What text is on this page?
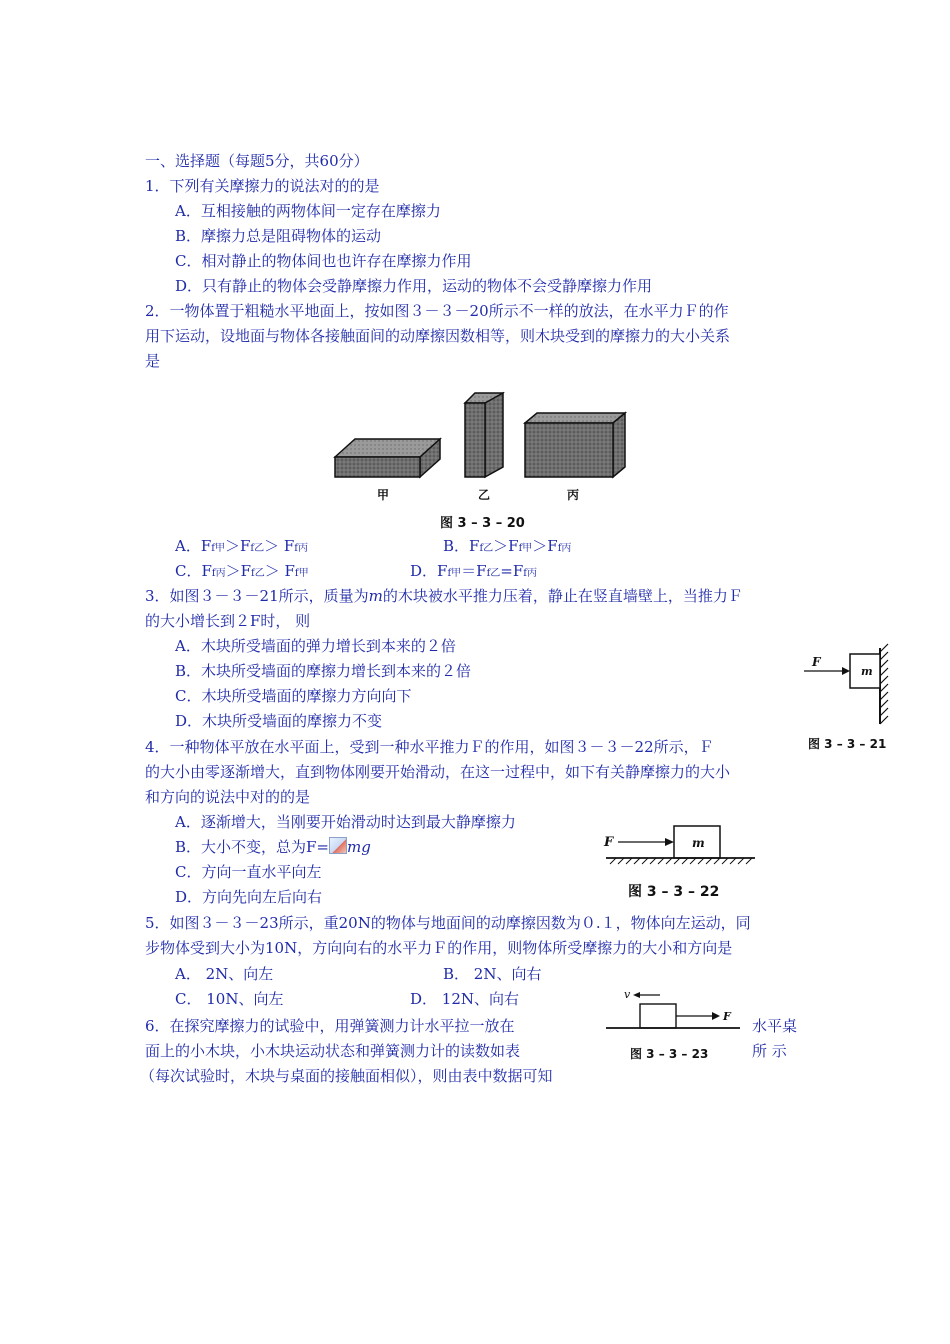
一、选择题（每题5分，共60分）
1．下列有关摩擦力的说法对的的是
A．互相接触的两物体间一定存在摩擦力
B．摩擦力总是阻碍物体的运动
C．相对静止的物体间也也许存在摩擦力作用
D．只有静止的物体会受静摩擦力作用，运动的物体不会受静摩擦力作用
2．一物体置于粗糙水平地面上，按如图３－３－20所示不一样的放法，在水平力Ｆ的作
用下运动，设地面与物体各接触面间的动摩擦因数相等，则木块受到的摩擦力的大小关系
是
甲	乙	丙
图 3 – 3 – 20
A．Ff甲＞Ff乙＞ Ff丙	B．Ff乙＞Ff甲＞Ff丙
C．Ff丙＞Ff乙＞ Ff甲	D．Ff甲＝Ff乙=Ff丙
3．如图３－３－21所示，质量为m的木块被水平推力压着，静止在竖直墙壁上，当推力Ｆ
的大小增长到２F时， 则
A．木块所受墙面的弹力增长到本来的２倍
B．木块所受墙面的摩擦力增长到本来的２倍
C．木块所受墙面的摩擦力方向向下
D．木块所受墙面的摩擦力不变
F
m
图 3 – 3 – 21
4．一种物体平放在水平面上，受到一种水平推力Ｆ的作用，如图３－３－22所示，Ｆ
的大小由零逐渐增大，直到物体刚要开始滑动，在这一过程中，如下有关静摩擦力的大小
和方向的说法中对的的是
A．逐渐增大，当刚要开始滑动时达到最大静摩擦力
B．大小不变，总为F= mg
C．方向一直水平向左
D．方向先向左后向右
F	m
图 3 – 3 – 22
5．如图３－３－23所示，重20N的物体与地面间的动摩擦因数为０.１，物体向左运动，同
步物体受到大小为10N，方向向右的水平力Ｆ的作用，则物体所受摩擦力的大小和方向是
A． 2N、向左	B． 2N、向右
C． 10N、向左	D． 12N、向右	v
F
图 3 – 3 – 23
6．在探究摩擦力的试验中，用弹簧测力计水平拉一放在	水平桌
面上的小木块，小木块运动状态和弹簧测力计的读数如表	所 示
（每次试验时，木块与桌面的接触面相似），则由表中数据可知
